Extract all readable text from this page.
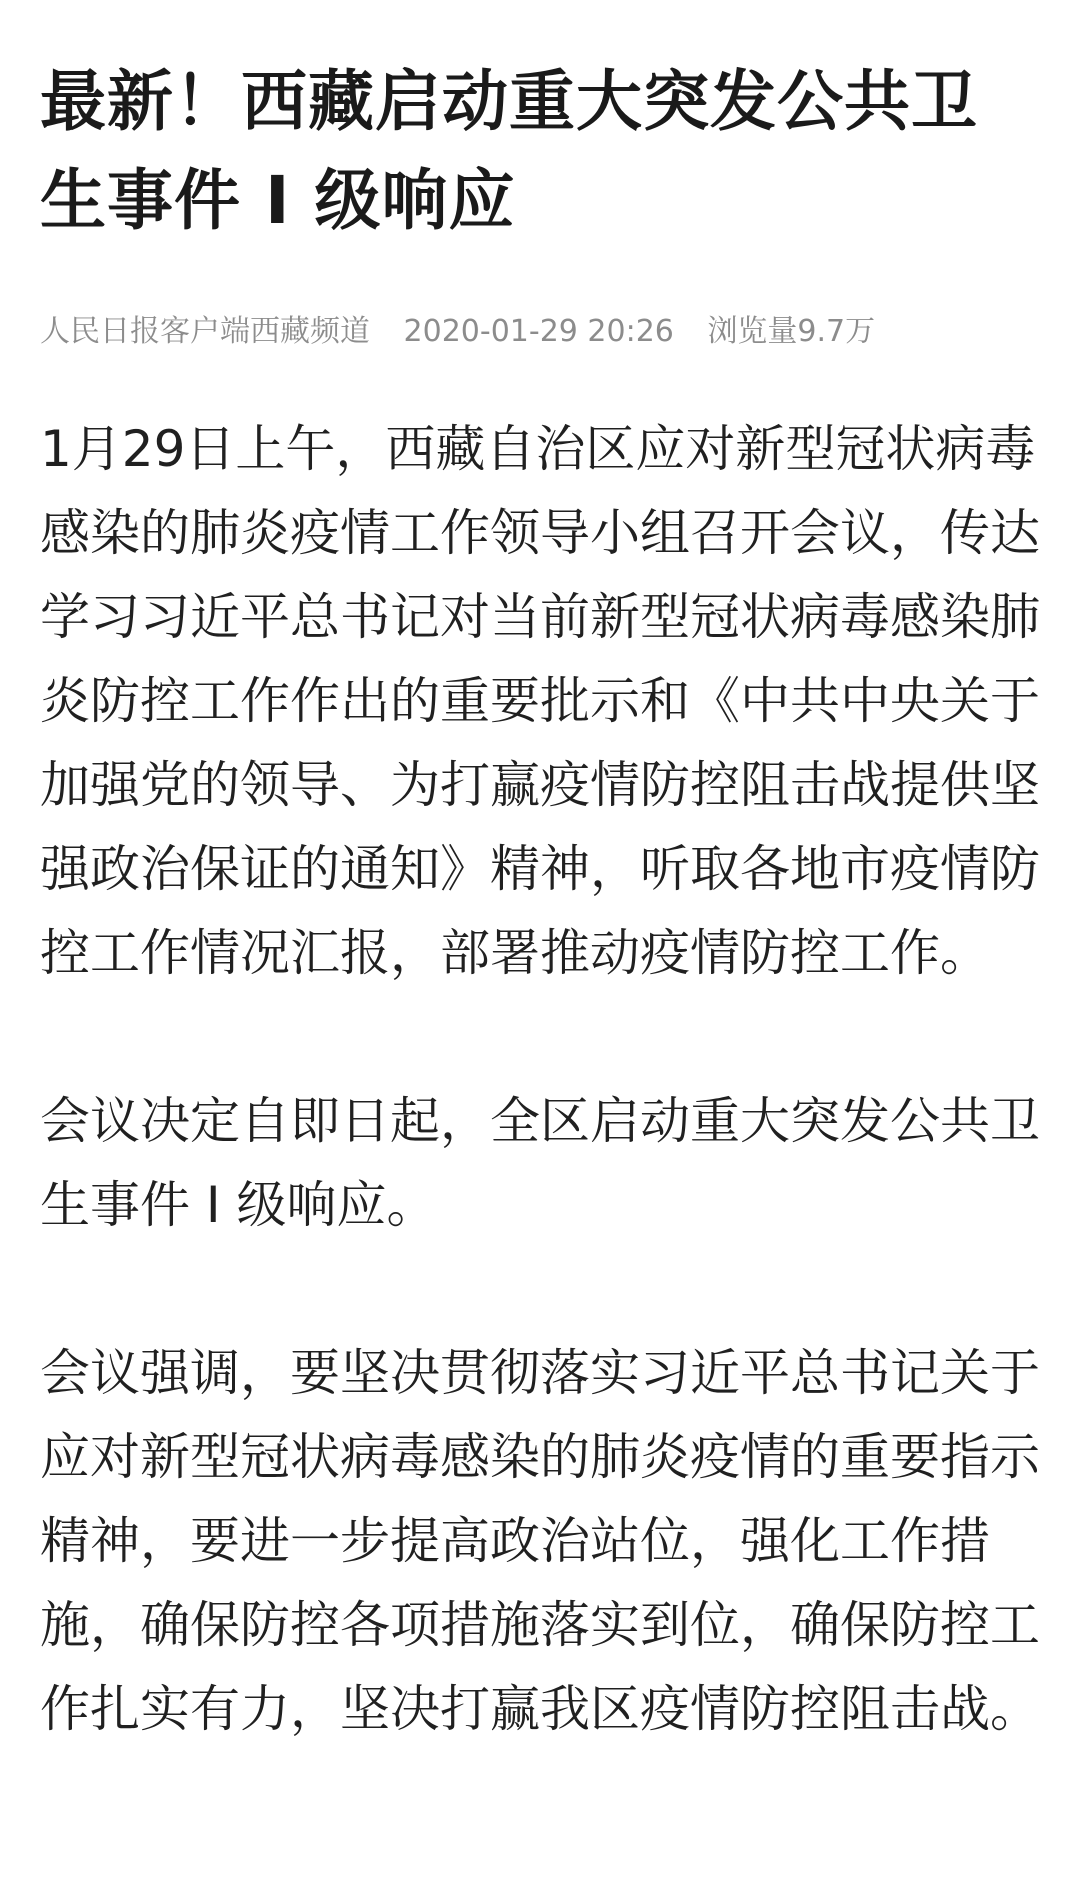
最新！西藏启动重大突发公共卫生事件 I 级响应
人民日报客户端西藏频道 2020-01-29 20:26 浏览量9.7万

1月29日上午，西藏自治区应对新型冠状病毒感染的肺炎疫情工作领导小组召开会议，传达学习习近平总书记对当前新型冠状病毒感染肺炎防控工作作出的重要批示和《中共中央关于加强党的领导、为打赢疫情防控阻击战提供坚强政治保证的通知》精神，听取各地市疫情防控工作情况汇报，部署推动疫情防控工作。

会议决定自即日起，全区启动重大突发公共卫生事件 I 级响应。

会议强调，要坚决贯彻落实习近平总书记关于应对新型冠状病毒感染的肺炎疫情的重要指示精神，要进一步提高政治站位，强化工作措施，确保防控各项措施落实到位，确保防控工作扎实有力，坚决打赢我区疫情防控阻击战。
